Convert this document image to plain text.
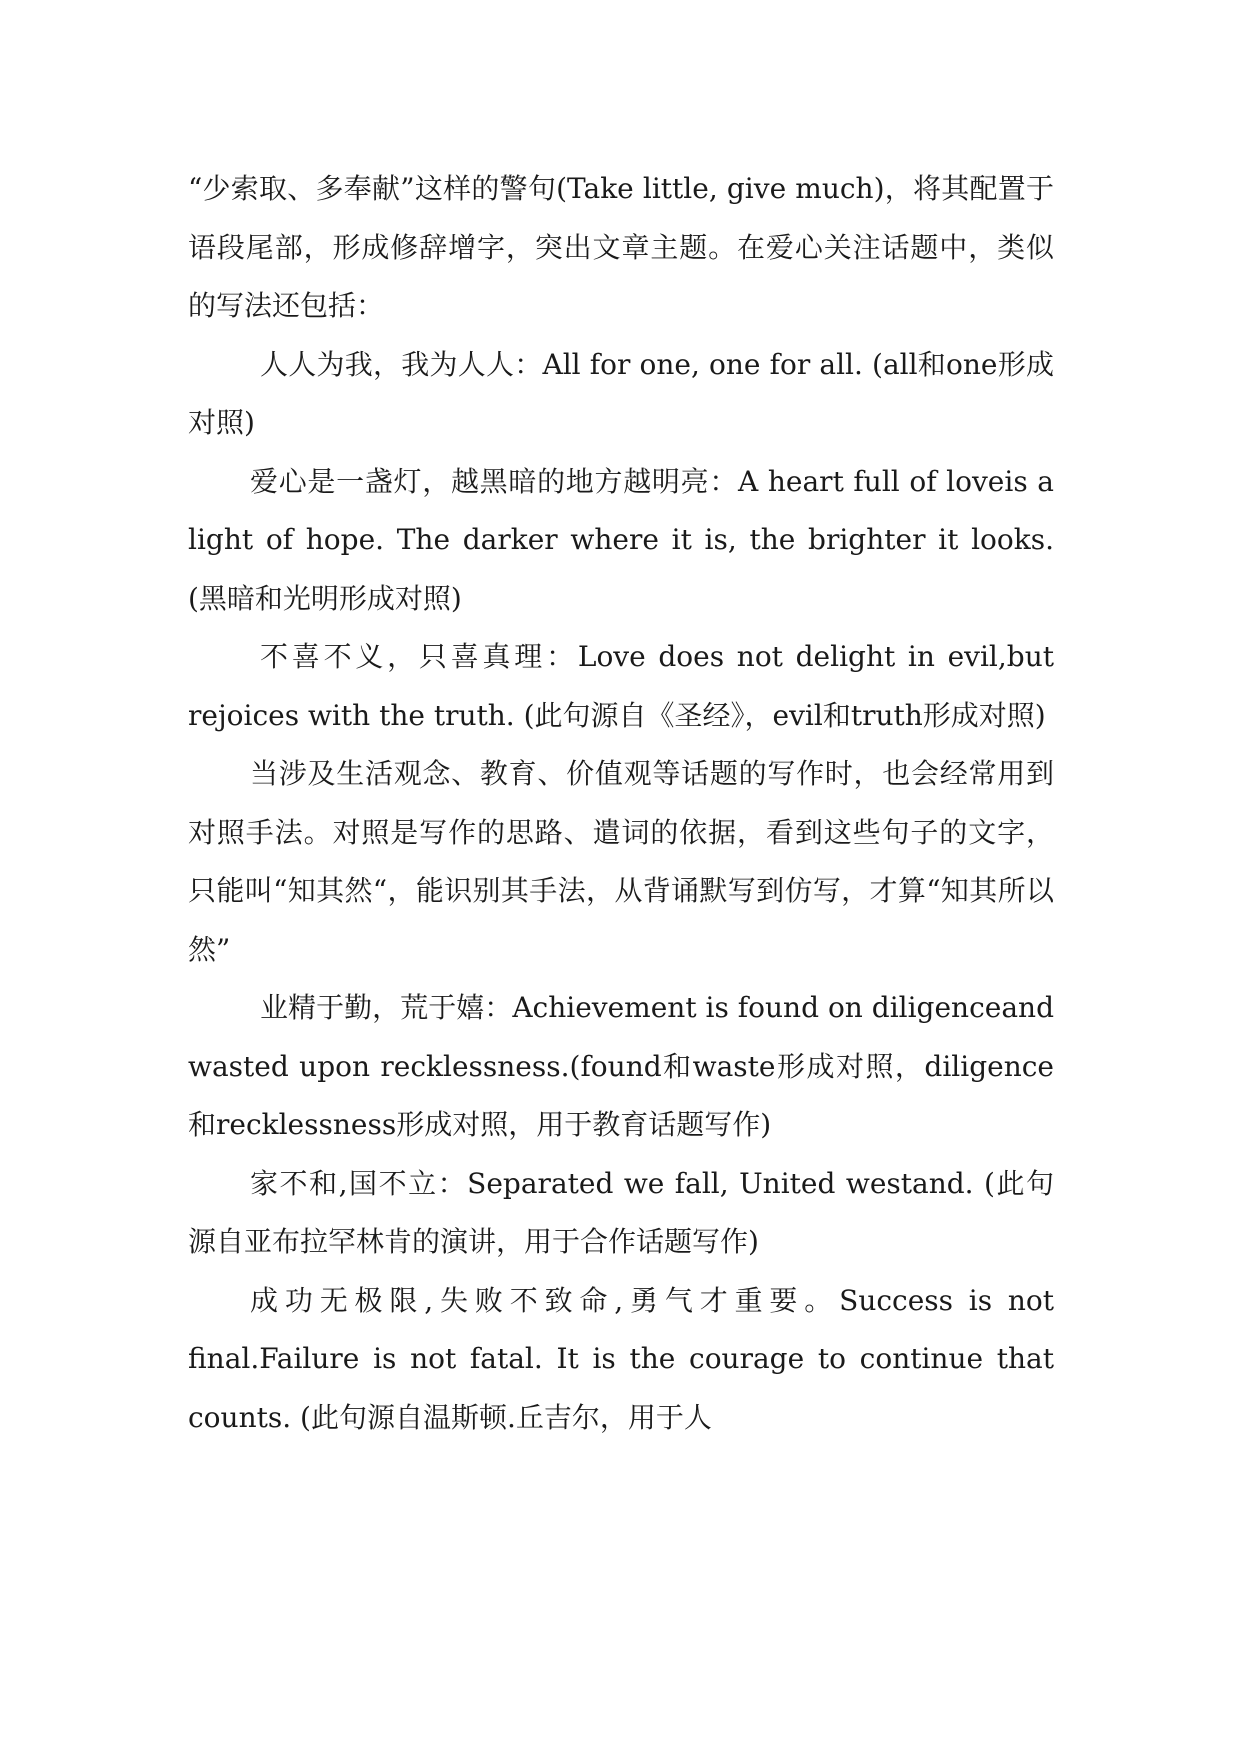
“少索取、多奉献”这样的警句(Take little, give much)，将其配置于语段尾部，形成修辞增字，突出文章主题。在爱心关注话题中，类似的写法还包括：

人人为我，我为人人：All for one, one for all. (all和one形成对照)

爱心是一盏灯，越黑暗的地方越明亮：A heart full of loveis a light of hope. The darker where it is, the brighter it looks. (黑暗和光明形成对照)

不喜不义，只喜真理：Love does not delight in evil,but rejoices with the truth. (此句源自《圣经》，evil和truth形成对照)

当涉及生活观念、教育、价值观等话题的写作时，也会经常用到对照手法。对照是写作的思路、遣词的依据，看到这些句子的文字，只能叫“知其然“，能识别其手法，从背诵默写到仿写，才算“知其所以然”

业精于勤，荒于嬉：Achievement is found on diligenceand wasted upon recklessness.(found和waste形成对照，diligence和recklessness形成对照，用于教育话题写作)

家不和,国不立：Separated we fall, United westand. (此句源自亚布拉罕林肯的演讲，用于合作话题写作)

成功无极限,失败不致命,勇气才重要。Success is not final.Failure is not fatal. It is the courage to continue that counts. (此句源自温斯顿.丘吉尔，用于人
